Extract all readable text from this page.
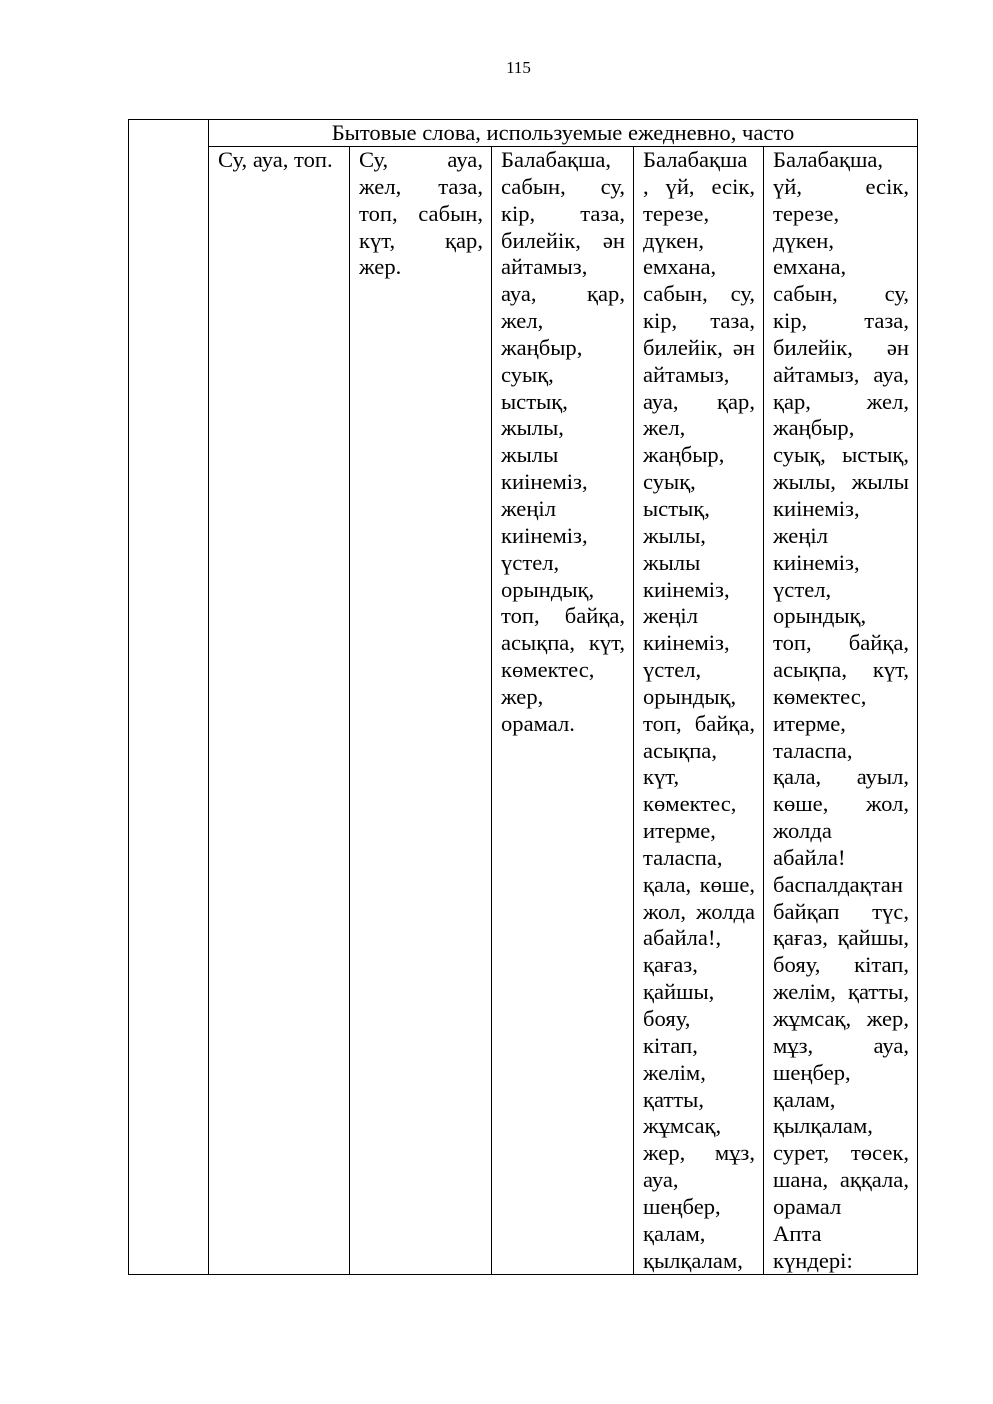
115
Бытовые слова, используемые ежедневно, часто
Су, ауа, топ.	Су, ауа,
жел, таза,
топ, сабын,
күт, қар,
жер.
Балабақша,
сабын, су,
кір, таза,
билейік, ән
айтамыз,
ауа, қар,
жел,
жаңбыр,
суық,
ыстық,
жылы,
жылы
киінеміз,
жеңіл
киінеміз,
үстел,
орындық,
топ, байқа,
асықпа, күт,
көмектес,
жер,
орамал.
Балабақша
, үй, есік,
терезе,
дүкен,
емхана,
сабын, су,
кір, таза,
билейік, ән
айтамыз,
ауа, қар,
жел,
жаңбыр,
суық,
ыстық,
жылы,
жылы
киінеміз,
жеңіл
киінеміз,
үстел,
орындық,
топ, байқа,
асықпа,
күт,
көмектес,
итерме,
таласпа,
қала, көше,
жол, жолда
абайла!,
қағаз,
қайшы,
бояу,
кітап,
желім,
қатты,
жұмсақ,
жер, мұз,
ауа,
шеңбер,
қалам,
қылқалам,
Балабақша,
үй, есік,
терезе,
дүкен,
емхана,
сабын, су,
кір, таза,
билейік, ән
айтамыз, ауа,
қар, жел,
жаңбыр,
суық, ыстық,
жылы, жылы
киінеміз,
жеңіл
киінеміз,
үстел,
орындық,
топ, байқа,
асықпа, күт,
көмектес,
итерме,
таласпа,
қала, ауыл,
көше, жол,
жолда
абайла!
баспалдақтан
байқап түс,
қағаз, қайшы,
бояу, кітап,
желім, қатты,
жұмсақ, жер,
мұз, ауа,
шеңбер,
қалам,
қылқалам,
сурет, төсек,
шана, аққала,
орамал
Апта
күндері:
